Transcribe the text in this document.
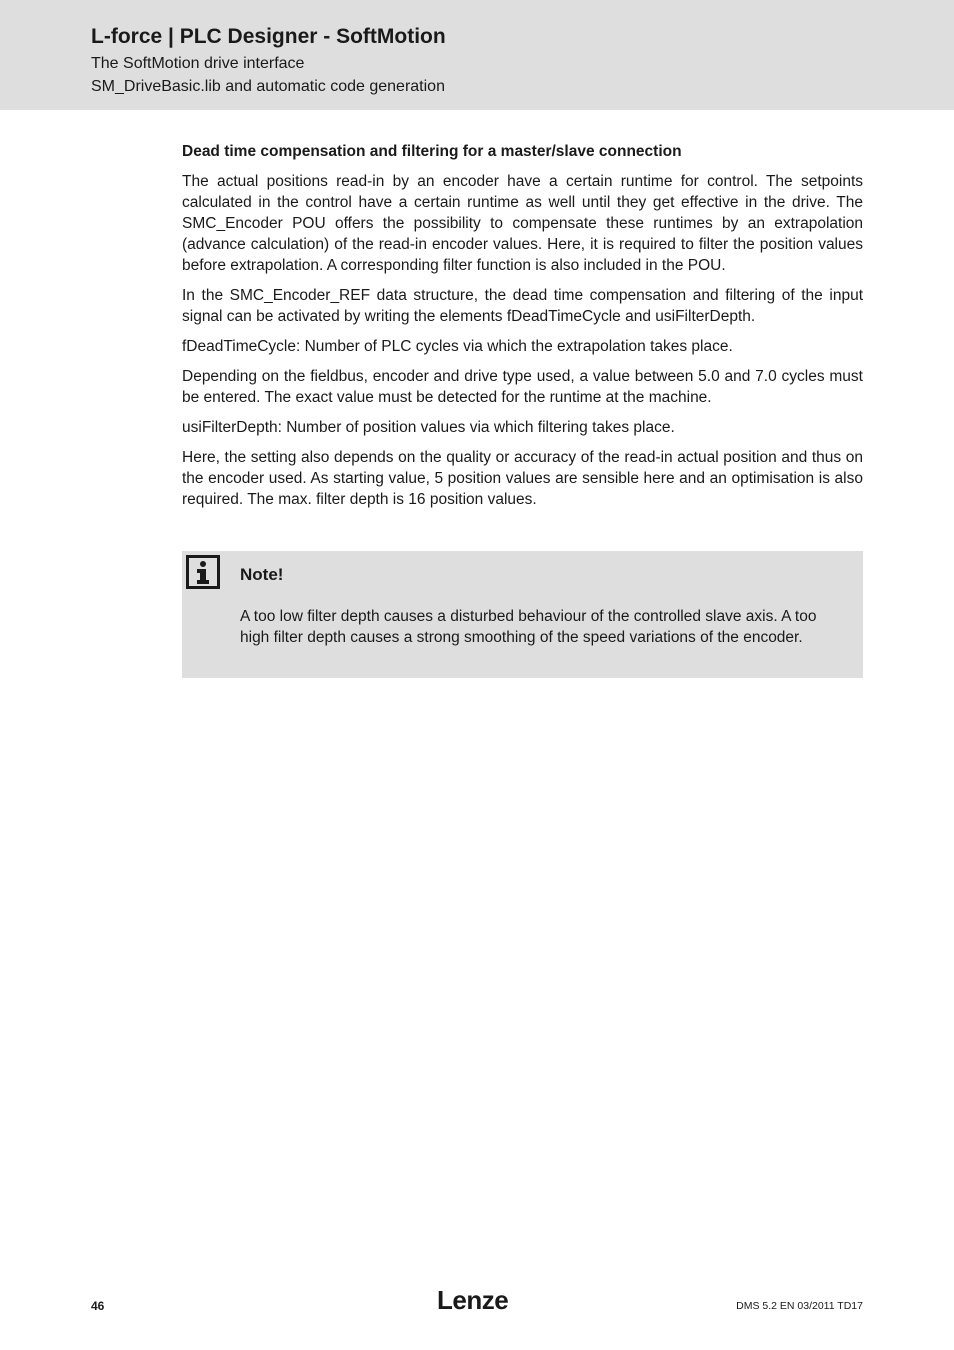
L-force | PLC Designer - SoftMotion
The SoftMotion drive interface
SM_DriveBasic.lib and automatic code generation
Dead time compensation and filtering for a master/slave connection

The actual positions read-in by an encoder have a certain runtime for control. The setpoints calculated in the control have a certain runtime as well until they get effective in the drive. The SMC_Encoder POU offers the possibility to compensate these runtimes by an extrapolation (advance calculation) of the read-in encoder values. Here, it is required to filter the position values before extrapolation. A corresponding filter function is also included in the POU.

In the SMC_Encoder_REF data structure, the dead time compensation and filtering of the input signal can be activated by writing the elements fDeadTimeCycle and usiFilterDepth.

fDeadTimeCycle: Number of PLC cycles via which the extrapolation takes place.

Depending on the fieldbus, encoder and drive type used, a value between 5.0 and 7.0 cycles must be entered. The exact value must be detected for the runtime at the machine.

usiFilterDepth: Number of position values via which filtering takes place.

Here, the setting also depends on the quality or accuracy of the read-in actual position and thus on the encoder used. As starting value, 5 position values are sensible here and an optimisation is also required. The max. filter depth is 16 position values.

Note!
A too low filter depth causes a disturbed behaviour of the controlled slave axis. A too high filter depth causes a strong smoothing of the speed variations of the encoder.
46	Lenze	DMS 5.2 EN 03/2011 TD17
